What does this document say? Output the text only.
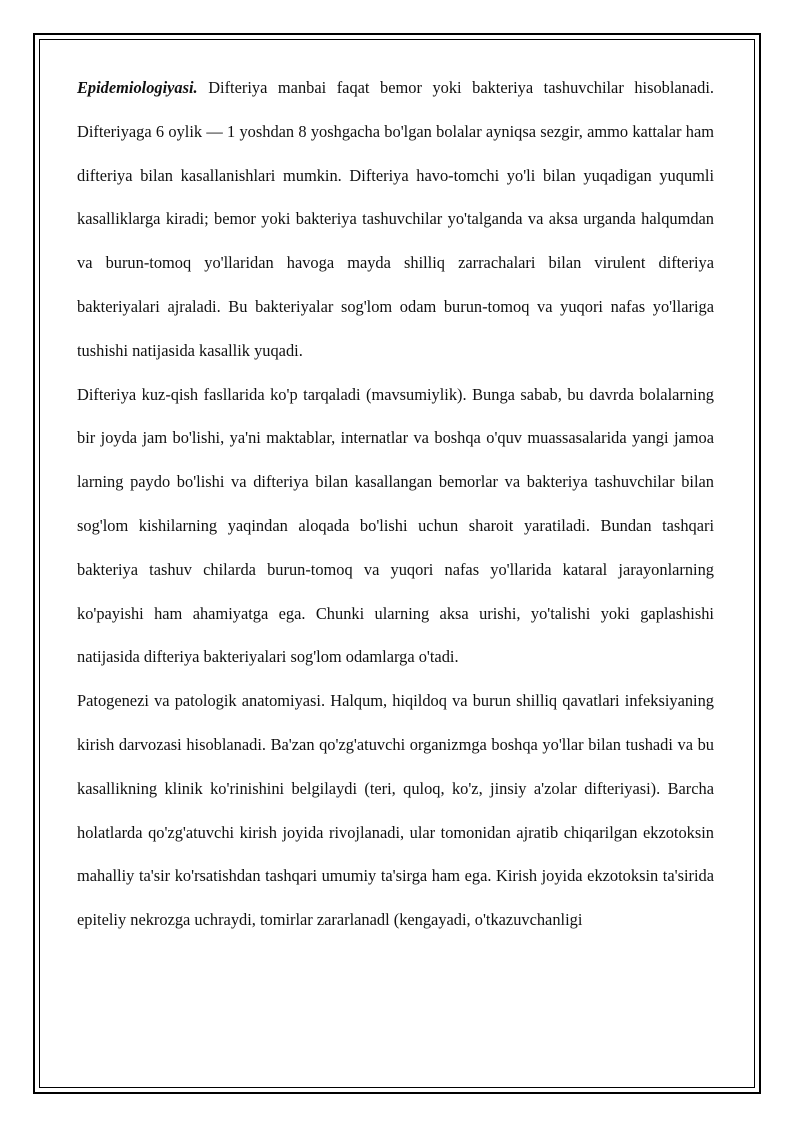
Epidemiologiyasi. Difteriya manbai faqat bemor yoki bakteriya tashuvchilar hisoblanadi. Difteriyaga 6 oylik — 1 yoshdan 8 yoshgacha bo'lgan bolalar ayniqsa sezgir, ammo kattalar ham difteriya bilan kasallanishlari mumkin. Difteriya havo-tomchi yo'li bilan yuqadigan yuqumli kasalliklarga kiradi; bemor yoki bakteriya tashuvchilar yo'talganda va aksa urganda halqumdan va burun-tomoq yo'llaridan havoga mayda shilliq zarrachalari bilan virulent difteriya bakteriyalari ajraladi. Bu bakteriyalar sog'lom odam burun-tomoq va yuqori nafas yo'llariga tushishi natijasida kasallik yuqadi.

Difteriya kuz-qish fasllarida ko'p tarqaladi (mavsumiylik). Bunga sabab, bu davrda bolalarning bir joyda jam bo'lishi, ya'ni maktablar, internatlar va boshqa o'quv muassasalarida yangi jamoa larning paydo bo'lishi va difteriya bilan kasallangan bemorlar va bakteriya tashuvchilar bilan sog'lom kishilarning yaqindan aloqada bo'lishi uchun sharoit yaratiladi. Bundan tashqari bakteriya tashuv chilarda burun-tomoq va yuqori nafas yo'llarida kataral jarayonlarning ko'payishi ham ahamiyatga ega. Chunki ularning aksa urishi, yo'talishi yoki gaplashishi natijasida difteriya bakteriyalari sog'lom odamlarga o'tadi.

Patogenezi va patologik anatomiyasi. Halqum, hiqildoq va burun shilliq qavatlari infeksiyaning kirish darvozasi hisoblanadi. Ba'zan qo'zg'atuvchi organizmga boshqa yo'llar bilan tushadi va bu kasallikning klinik ko'rinishini belgilaydi (teri, quloq, ko'z, jinsiy a'zolar difteriyasi). Barcha holatlarda qo'zg'atuvchi kirish joyida rivojlanadi, ular tomonidan ajratib chiqarilgan ekzotoksin mahalliy ta'sir ko'rsatishdan tashqari umumiy ta'sirga ham ega. Kirish joyida ekzotoksin ta'sirida epiteliy nekrozga uchraydi, tomirlar zararlanadl (kengayadi, o'tkazuvchanligi
